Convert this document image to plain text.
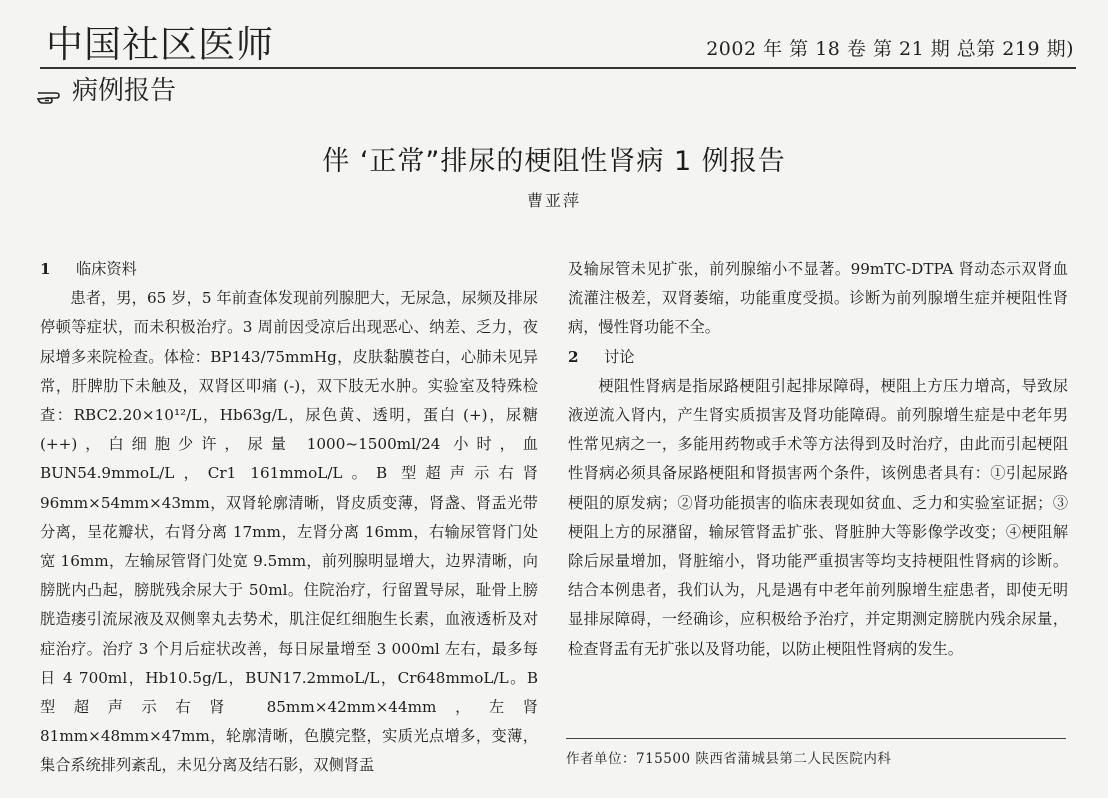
中国社区医师	2002 年 第 18 卷 第 21 期 总第 219 期)
病例报告
伴 ‘正常”排尿的梗阻性肾病 1 例报告
曹亚萍
1 临床资料

患者，男，65 岁，5 年前查体发现前列腺肥大，无尿急，尿频及排尿停顿等症状，而未积极治疗。3 周前因受凉后出现恶心、纳差、乏力，夜尿增多来院检查。体检：BP143/75mmHg，皮肤黏膜苍白，心肺未见异常，肝脾肋下未触及，双肾区叩痛 (-)，双下肢无水肿。实验室及特殊检查：RBC2.20×10¹²/L，Hb63g/L，尿色黄、透明，蛋白 (+)，尿糖 (++)，白细胞少许，尿量 1000~1500ml/24 小时，血 BUN54.9mmoL/L，Cr1 161mmoL/L。B 型超声示右肾 96mm×54mm×43mm，双肾轮廓清晰，肾皮质变薄，肾盏、肾盂光带分离，呈花瓣状，右肾分离 17mm，左肾分离 16mm，右输尿管肾门处宽 16mm，左输尿管肾门处宽 9.5mm，前列腺明显增大，边界清晰，向膀胱内凸起，膀胱残余尿大于 50ml。住院治疗，行留置导尿，耻骨上膀胱造瘘引流尿液及双侧睾丸去势术，肌注促红细胞生长素，血液透析及对症治疗。治疗 3 个月后症状改善，每日尿量增至 3 000ml 左右，最多每日 4 700ml，Hb10.5g/L，BUN17.2mmoL/L，Cr648mmoL/L。B 型超声示右肾 85mm×42mm×44mm，左肾 81mm×48mm×47mm，轮廓清晰，色膜完整，实质光点增多，变薄，集合系统排列紊乱，未见分离及结石影，双侧肾盂

及输尿管未见扩张，前列腺缩小不显著。99mTC-DTPA 肾动态示双肾血流灌注极差，双肾萎缩，功能重度受损。诊断为前列腺增生症并梗阻性肾病，慢性肾功能不全。

2 讨论

梗阻性肾病是指尿路梗阻引起排尿障碍，梗阻上方压力增高，导致尿液逆流入肾内，产生肾实质损害及肾功能障碍。前列腺增生症是中老年男性常见病之一，多能用药物或手术等方法得到及时治疗，由此而引起梗阻性肾病必须具备尿路梗阻和肾损害两个条件，该例患者具有：①引起尿路梗阻的原发病；②肾功能损害的临床表现如贫血、乏力和实验室证据；③梗阻上方的尿潴留，输尿管肾盂扩张、肾脏肿大等影像学改变；④梗阻解除后尿量增加，肾脏缩小，肾功能严重损害等均支持梗阻性肾病的诊断。结合本例患者，我们认为，凡是遇有中老年前列腺增生症患者，即使无明显排尿障碍，一经确诊，应积极给予治疗，并定期测定膀胱内残余尿量，检查肾盂有无扩张以及肾功能，以防止梗阻性肾病的发生。

作者单位：715500 陕西省蒲城县第二人民医院内科
